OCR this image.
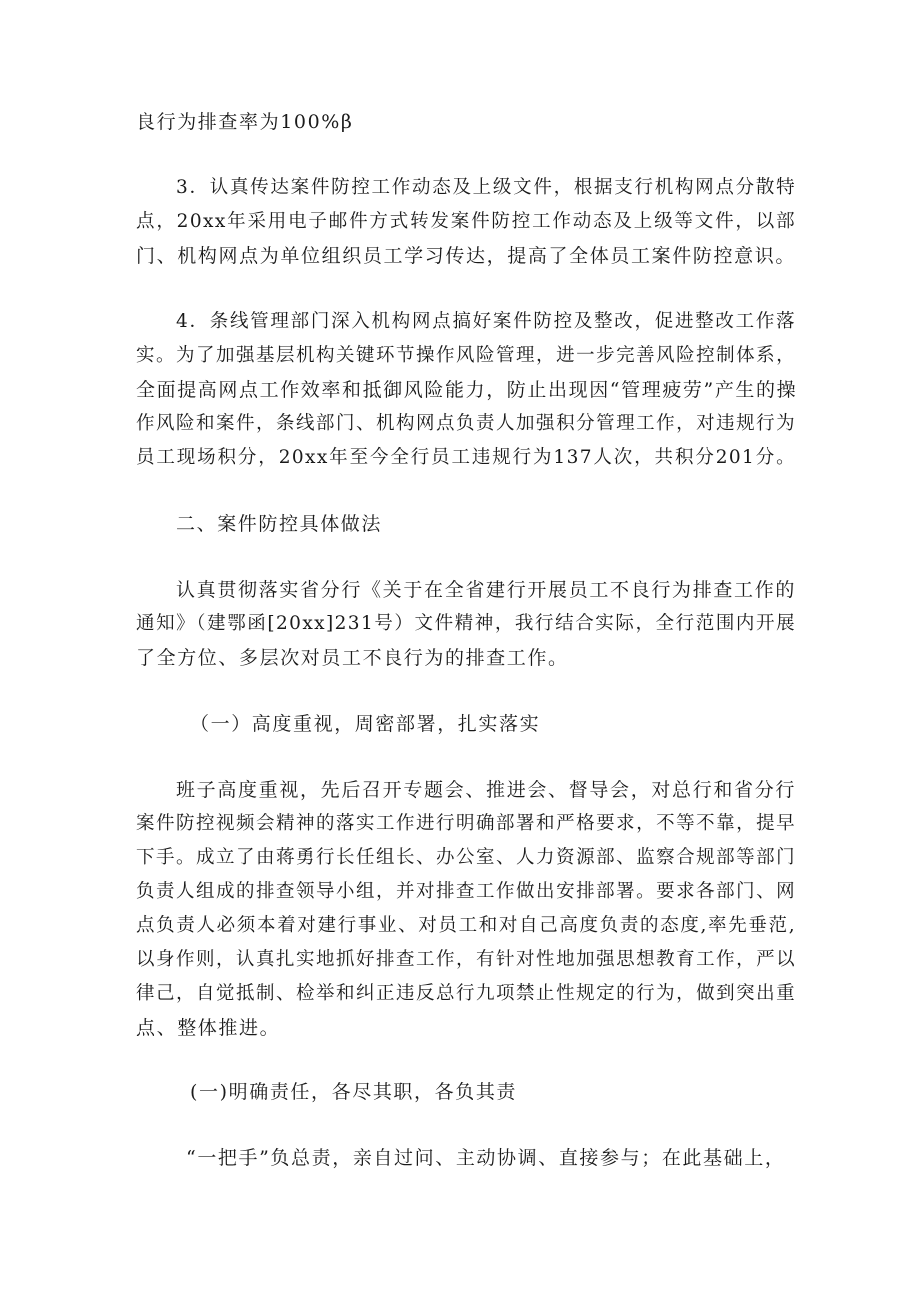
良行为排查率为100%β
3．认真传达案件防控工作动态及上级文件，根据支行机构网点分散特
点，20xx年采用电子邮件方式转发案件防控工作动态及上级等文件，以部
门、机构网点为单位组织员工学习传达，提高了全体员工案件防控意识。
4．条线管理部门深入机构网点搞好案件防控及整改，促进整改工作落
实。为了加强基层机构关键环节操作风险管理，进一步完善风险控制体系，
全面提高网点工作效率和抵御风险能力，防止出现因“管理疲劳”产生的操
作风险和案件，条线部门、机构网点负责人加强积分管理工作，对违规行为
员工现场积分，20xx年至今全行员工违规行为137人次，共积分201分。
二、案件防控具体做法
认真贯彻落实省分行《关于在全省建行开展员工不良行为排查工作的
通知》（建鄂函[20xx]231号）文件精神，我行结合实际，全行范围内开展
了全方位、多层次对员工不良行为的排查工作。
（一）高度重视，周密部署，扎实落实
班子高度重视，先后召开专题会、推进会、督导会，对总行和省分行
案件防控视频会精神的落实工作进行明确部署和严格要求，不等不靠，提早
下手。成立了由蒋勇行长任组长、办公室、人力资源部、监察合规部等部门
负责人组成的排查领导小组，并对排查工作做出安排部署。要求各部门、网
点负责人必须本着对建行事业、对员工和对自己高度负责的态度,率先垂范,
以身作则，认真扎实地抓好排查工作，有针对性地加强思想教育工作，严以
律己，自觉抵制、检举和纠正违反总行九项禁止性规定的行为，做到突出重
点、整体推进。
(一)明确责任，各尽其职，各负其责
“一把手”负总责，亲自过问、主动协调、直接参与；在此基础上，
